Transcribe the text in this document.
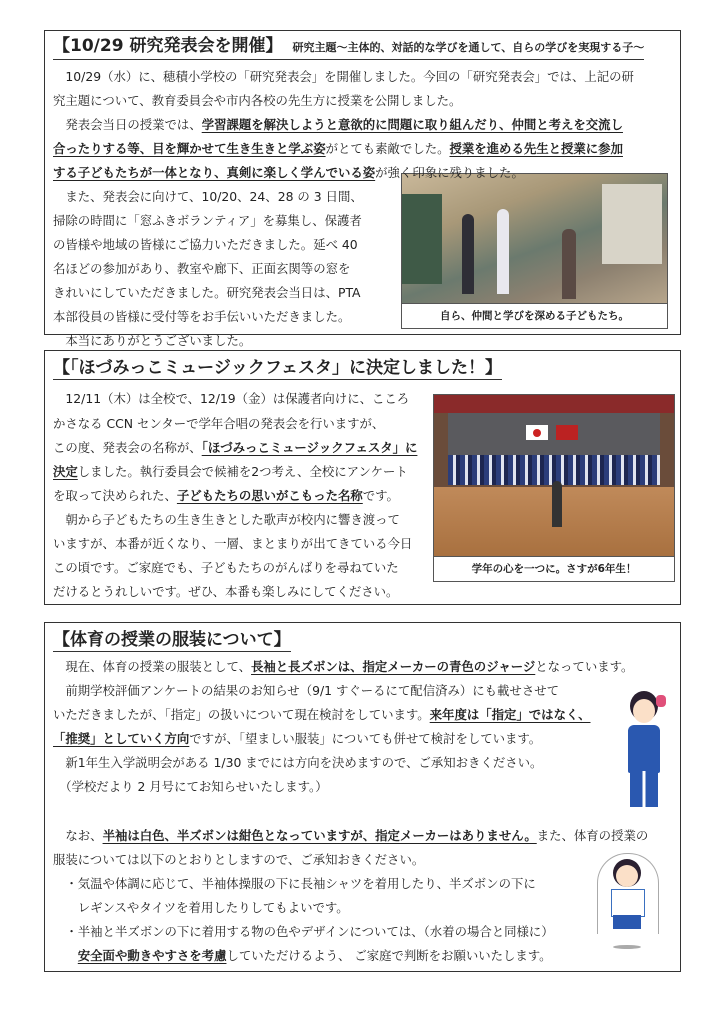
【10/29 研究発表会を開催】 研究主題～主体的、対話的な学びを通して、自らの学びを実現する子～
自ら、仲間と学びを深める子どもたち。
　10/29（水）に、穂積小学校の「研究発表会」を開催しました。今回の「研究発表会」では、上記の研
究主題について、教育委員会や市内各校の先生方に授業を公開しました。
　発表会当日の授業では、学習課題を解決しようと意欲的に問題に取り組んだり、仲間と考えを交流し
合ったりする等、目を輝かせて生き生きと学ぶ姿がとても素敵でした。授業を進める先生と授業に参加
する子どもたちが一体となり、真剣に楽しく学んでいる姿が強く印象に残りました。
　また、発表会に向けて、10/20、24、28 の 3 日間、
掃除の時間に「窓ふきボランティア」を募集し、保護者
の皆様や地域の皆様にご協力いただきました。延べ 40
名ほどの参加があり、教室や廊下、正面玄関等の窓を
きれいにしていただきました。研究発表会当日は、PTA
本部役員の皆様に受付等をお手伝いいただきました。
　本当にありがとうございました。
【「ほづみっこミュージックフェスタ」に決定しました！】
学年の心を一つに。さすが6年生！
　12/11（木）は全校で、12/19（金）は保護者向けに、こころ
かさなる CCN センターで学年合唱の発表会を行いますが、
この度、発表会の名称が、「ほづみっこミュージックフェスタ」に
決定しました。執行委員会で候補を2つ考え、全校にアンケート
を取って決められた、子どもたちの思いがこもった名称です。
　朝から子どもたちの生き生きとした歌声が校内に響き渡って
いますが、本番が近くなり、一層、まとまりが出てきている今日
この頃です。ご家庭でも、子どもたちのがんばりを尋ねていた
だけるとうれしいです。ぜひ、本番も楽しみにしてください。
【体育の授業の服装について】
　現在、体育の授業の服装として、長袖と長ズボンは、指定メーカーの青色のジャージとなっています。
　前期学校評価アンケートの結果のお知らせ（9/1 すぐーるにて配信済み）にも載せさせて
いただきましたが、「指定」の扱いについて現在検討をしています。来年度は「指定」ではなく、
「推奨」としていく方向ですが、「望ましい服装」についても併せて検討をしています。
　新1年生入学説明会がある 1/30 までには方向を決めますので、ご承知おきください。
　（学校だより 2 月号にてお知らせいたします。）
　なお、半袖は白色、半ズボンは紺色となっていますが、指定メーカーはありません。また、体育の授業の
服装については以下のとおりとしますので、ご承知おきください。
　・気温や体調に応じて、半袖体操服の下に長袖シャツを着用したり、半ズボンの下に
　　レギンスやタイツを着用したりしてもよいです。
　・半袖と半ズボンの下に着用する物の色やデザインについては、（水着の場合と同様に）
　　安全面や動きやすさを考慮していただけるよう、 ご家庭で判断をお願いいたします。
